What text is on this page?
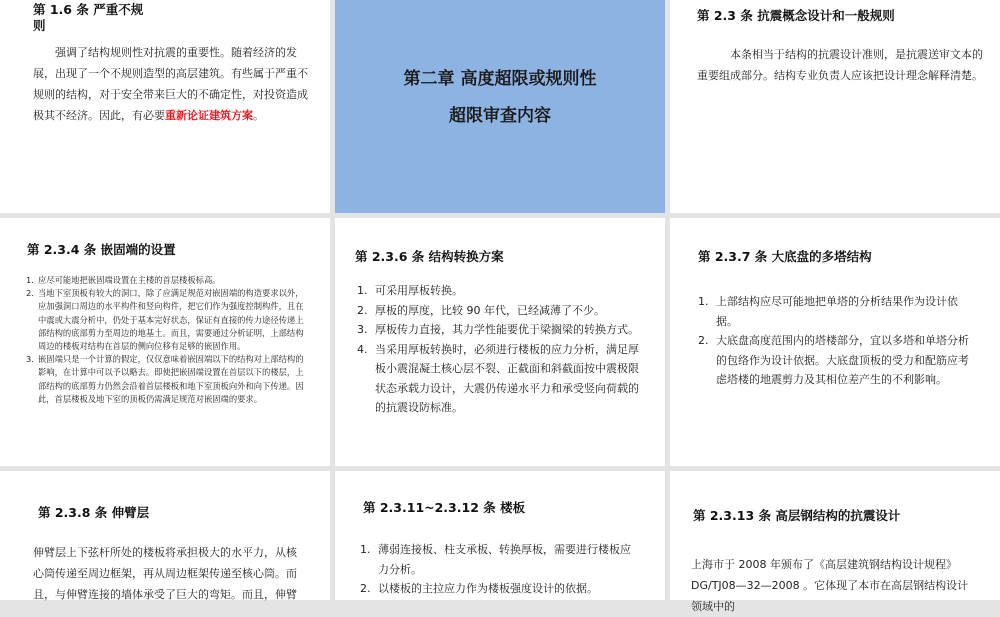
第 1.6 条 严重不规
则
强调了结构规则性对抗震的重要性。随着经济的发展，出现了一个不规则造型的高层建筑。有些属于严重不规则的结构，对于安全带来巨大的不确定性，对投资造成极其不经济。因此，有必要重新论证建筑方案。
第二章 高度超限或规则性
超限审查内容
第 2.3 条 抗震概念设计和一般规则
本条相当于结构的抗震设计准则，是抗震送审文本的重要组成部分。结构专业负责人应该把设计理念解释清楚。
第 2.3.4 条 嵌固端的设置
1. 应尽可能地把嵌固端设置在主楼的首层楼板标高。
2. 当地下室顶板有较大的洞口，除了应满足规范对嵌固端的构造要求以外，应加强洞口周边的水平构件和竖向构件，把它们作为强度控制构件，且在中震或大震分析中，仍处于基本完好状态，保证有直接的传力途径传递上部结构的底部剪力至周边的地基土。而且，需要通过分析证明，上部结构周边的楼板对结构在首层的侧向位移有足够的嵌固作用。
3. 嵌固端只是一个计算的假定，仅仅意味着嵌固端以下的结构对上部结构的影响，在计算中可以予以略去。即使把嵌固端设置在首层以下的楼层，上部结构的底部剪力仍然会沿着首层楼板和地下室顶板向外和向下传递。因此，首层楼板及地下室的顶板仍需满足规范对嵌固端的要求。
第 2.3.6 条 结构转换方案
1. 可采用厚板转换。
2. 厚板的厚度，比较 90 年代，已经减薄了不少。
3. 厚板传力直接，其力学性能要优于梁搁梁的转换方式。
4. 当采用厚板转换时，必须进行楼板的应力分析，满足厚板小震混凝土核心层不裂、正截面和斜截面按中震极限状态承载力设计，大震仍传递水平力和承受竖向荷载的的抗震设防标准。
第 2.3.7 条 大底盘的多塔结构
1. 上部结构应尽可能地把单塔的分析结果作为设计依据。
2. 大底盘高度范围内的塔楼部分，宜以多塔和单塔分析的包络作为设计依据。大底盘顶板的受力和配筋应考虑塔楼的地震剪力及其相位差产生的不利影响。
第 2.3.8 条 伸臂层
伸臂层上下弦杆所处的楼板将承担极大的水平力，从核心筒传递至周边框架，再从周边框架传递至核心筒。而且，与伸臂连接的墙体承受了巨大的弯矩。而且，伸臂
第 2.3.11~2.3.12 条 楼板
1. 薄弱连接板、柱支承板、转换厚板，需要进行楼板应力分析。
2. 以楼板的主拉应力作为楼板强度设计的依据。
第 2.3.13 条 高层钢结构的抗震设计
上海市于 2008 年颁布了《高层建筑钢结构设计规程》 DG/TJ08—32—2008 。它体现了本市在高层钢结构设计领域中的
